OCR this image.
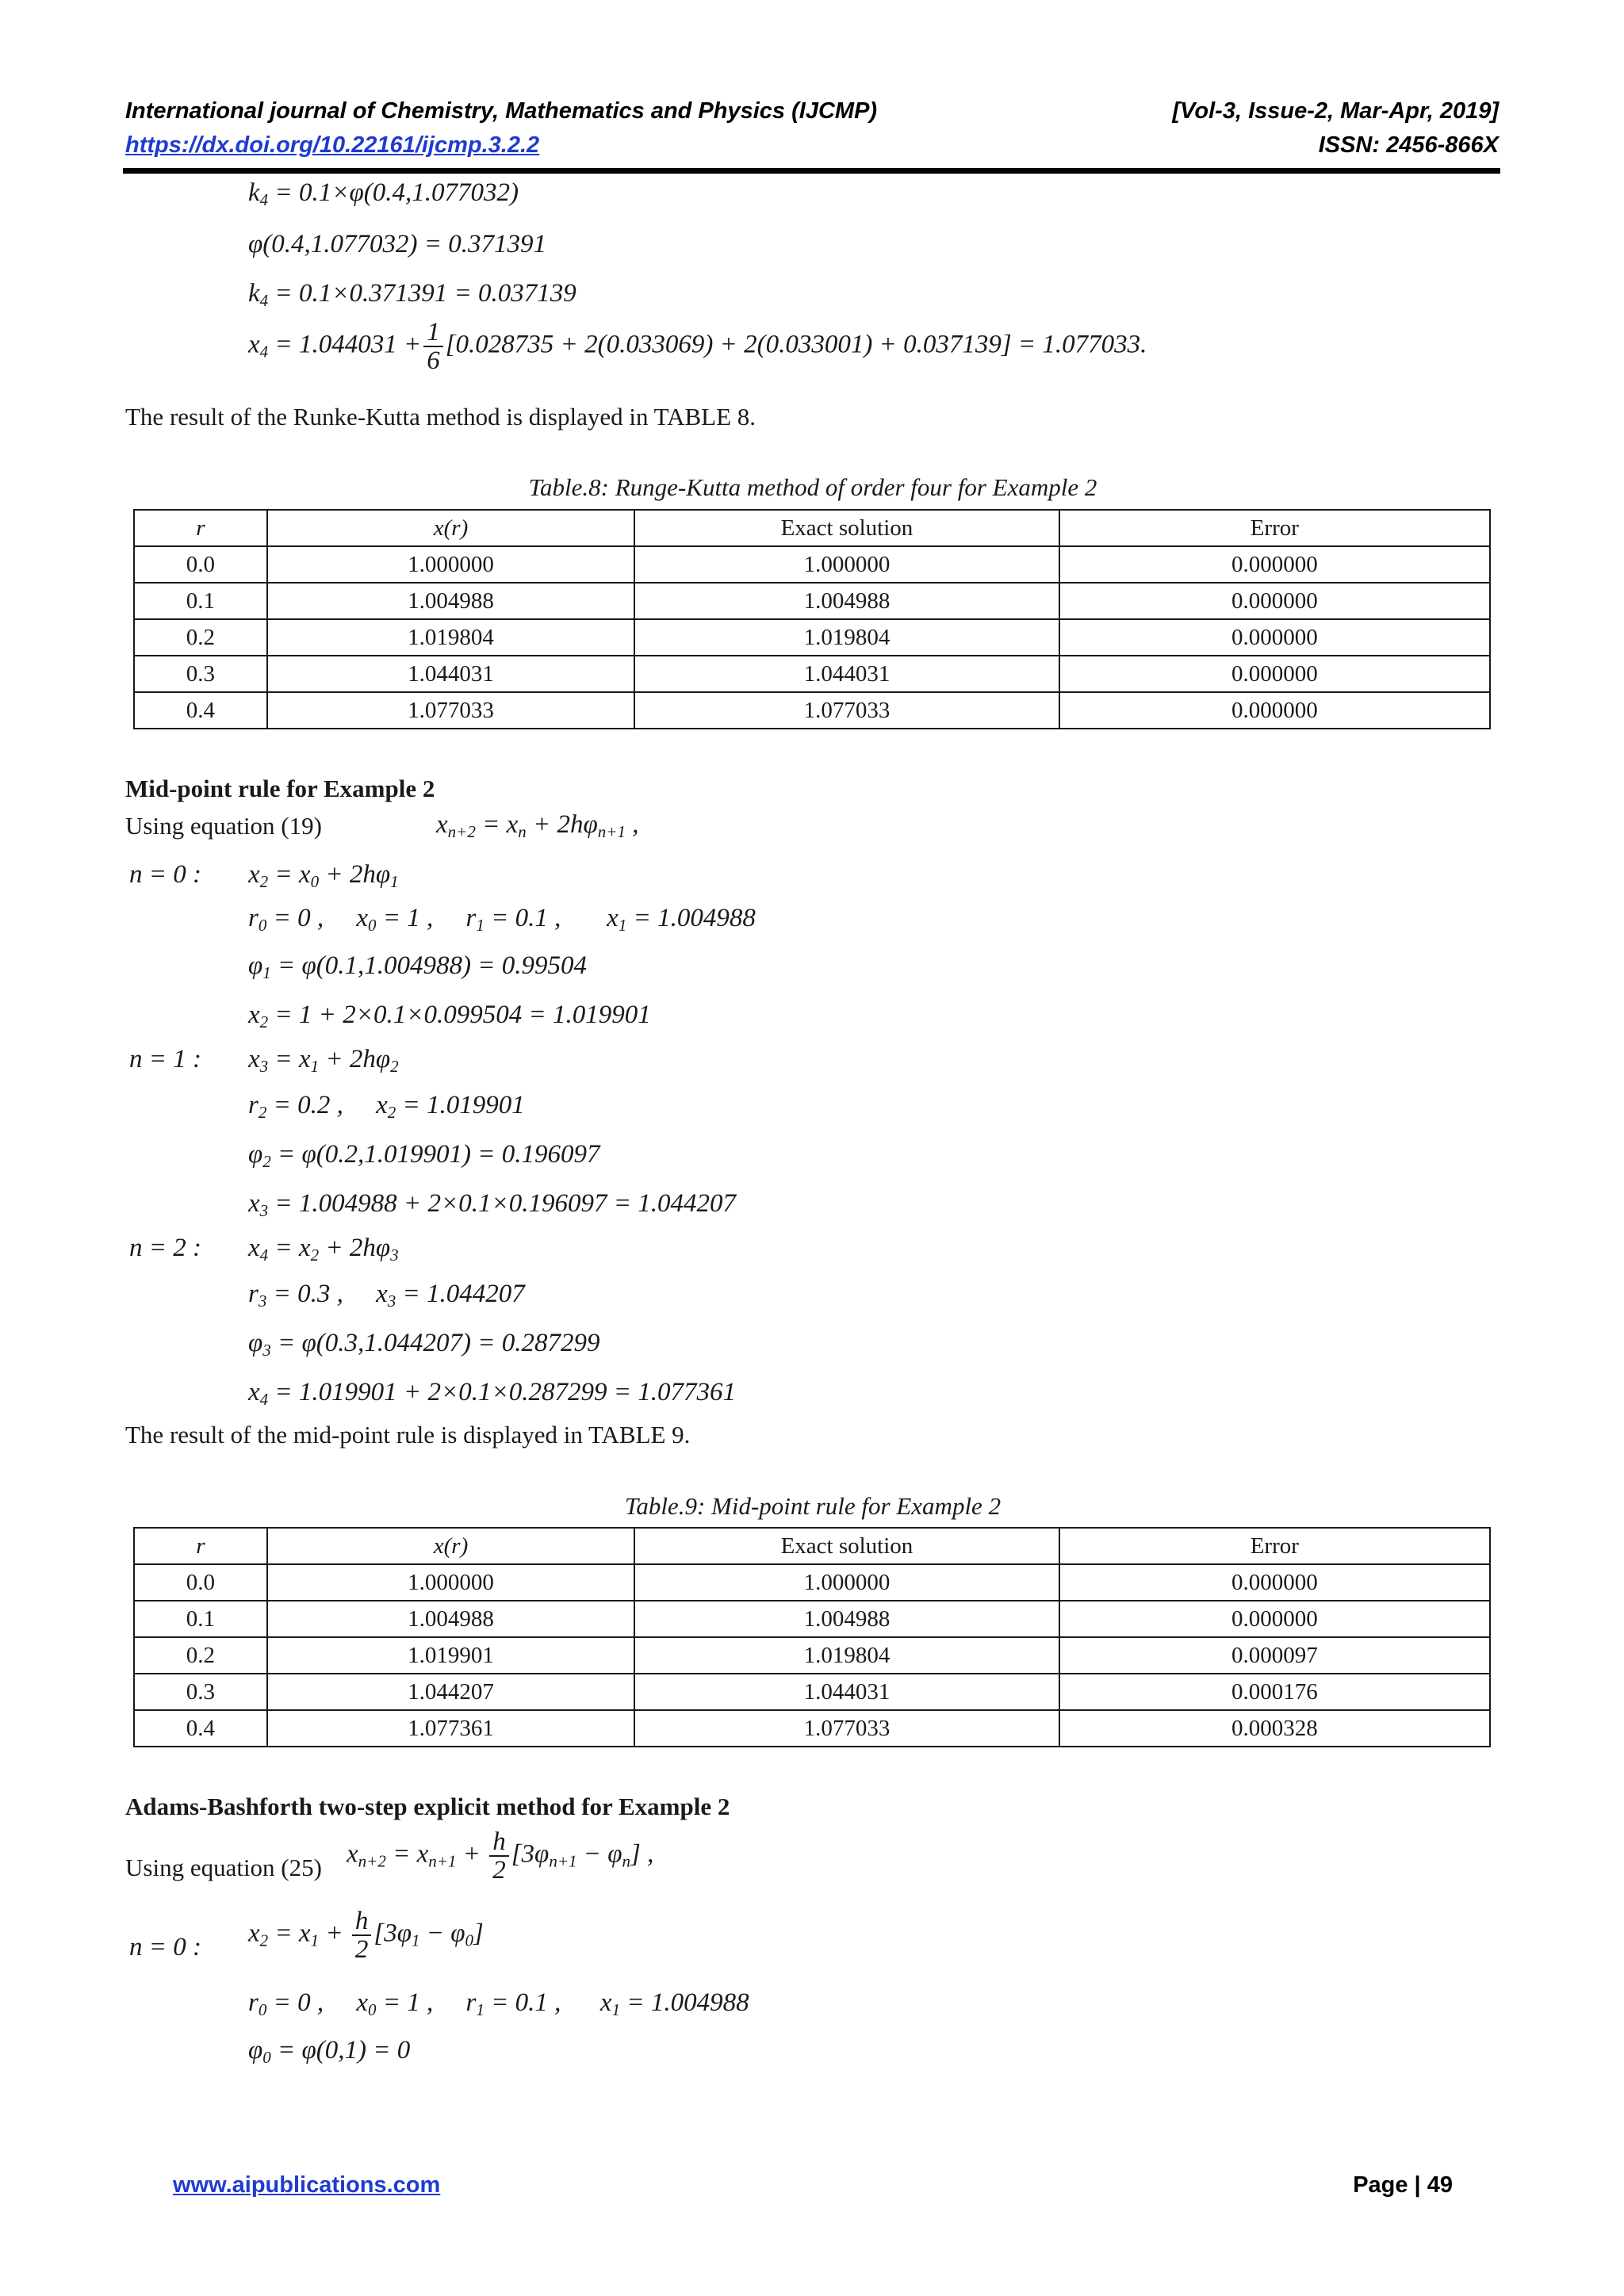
International journal of Chemistry, Mathematics and Physics (IJCMP)
https://dx.doi.org/10.22161/ijcmp.3.2.2
[Vol-3, Issue-2, Mar-Apr, 2019]
ISSN: 2456-866X
$k_4 = 0.1\times\varphi(0.4,1.077032)$
φ(0.4,1.077032) = 0.371391
$k_4 = 0.1\times 0.371391 = 0.037139$
$x_4 = 1.044031 + \frac{1}{6} [0.028735 + 2(0.033069) + 2(0.033001) + 0.037139] = 1.077033$.
The result of the Runke-Kutta method is displayed in TABLE 8.
Table.8: Runge-Kutta method of order four for Example 2
r	x(r)	Exact solution	Error
0.0	1.000000	1.000000	0.000000
0.1	1.004988	1.004988	0.000000
0.2	1.019804	1.019804	0.000000
0.3	1.044031	1.044031	0.000000
0.4	1.077033	1.077033	0.000000
Mid-point rule for Example 2
Using equation (19)	$x_{n+2} = x_n + 2h\varphi_{n+1}$ ,
n = 0 : $x_2 = x_0 + 2h\varphi_1$
$r_0 = 0$ ,     $x_0 = 1$ ,     $r_1 = 0.1$ ,       $x_1 = 1.004988$
$\varphi_1 = \varphi(0.1,1.004988) = 0.99504$
$x_2 = 1 + 2\times 0.1\times 0.099504 = 1.019901$
n = 1 : $x_3 = x_1 + 2h\varphi_2$
$r_2 = 0.2$ ,     $x_2 = 1.019901$
$\varphi_2 = \varphi(0.2,1.019901) = 0.196097$
$x_3 = 1.004988 + 2\times 0.1\times 0.196097 = 1.044207$
n = 2 : $x_4 = x_2 + 2h\varphi_3$
$r_3 = 0.3$ ,     $x_3 = 1.044207$
$\varphi_3 = \varphi(0.3,1.044207) = 0.287299$
$x_4 = 1.019901 + 2\times 0.1\times 0.287299 = 1.077361$
The result of the mid-point rule is displayed in TABLE 9.
Table.9: Mid-point rule for Example 2
r	x(r)	Exact solution	Error
0.0	1.000000	1.000000	0.000000
0.1	1.004988	1.004988	0.000000
0.2	1.019901	1.019804	0.000097
0.3	1.044207	1.044031	0.000176
0.4	1.077361	1.077033	0.000328
Adams-Bashforth two-step explicit method for Example 2
Using equation (25) $x_{n+2} = x_{n+1} + \frac{h}{2} [3\varphi_{n+1} - \varphi_n]$ ,
n = 0 : $x_2 = x_1 + \frac{h}{2} [3\varphi_1 - \varphi_0]$
$r_0 = 0$ ,     $x_0 = 1$ ,     $r_1 = 0.1$ ,      $x_1 = 1.004988$
$\varphi_0 = \varphi(0,1) = 0$
www.aipublications.com	Page | 49
